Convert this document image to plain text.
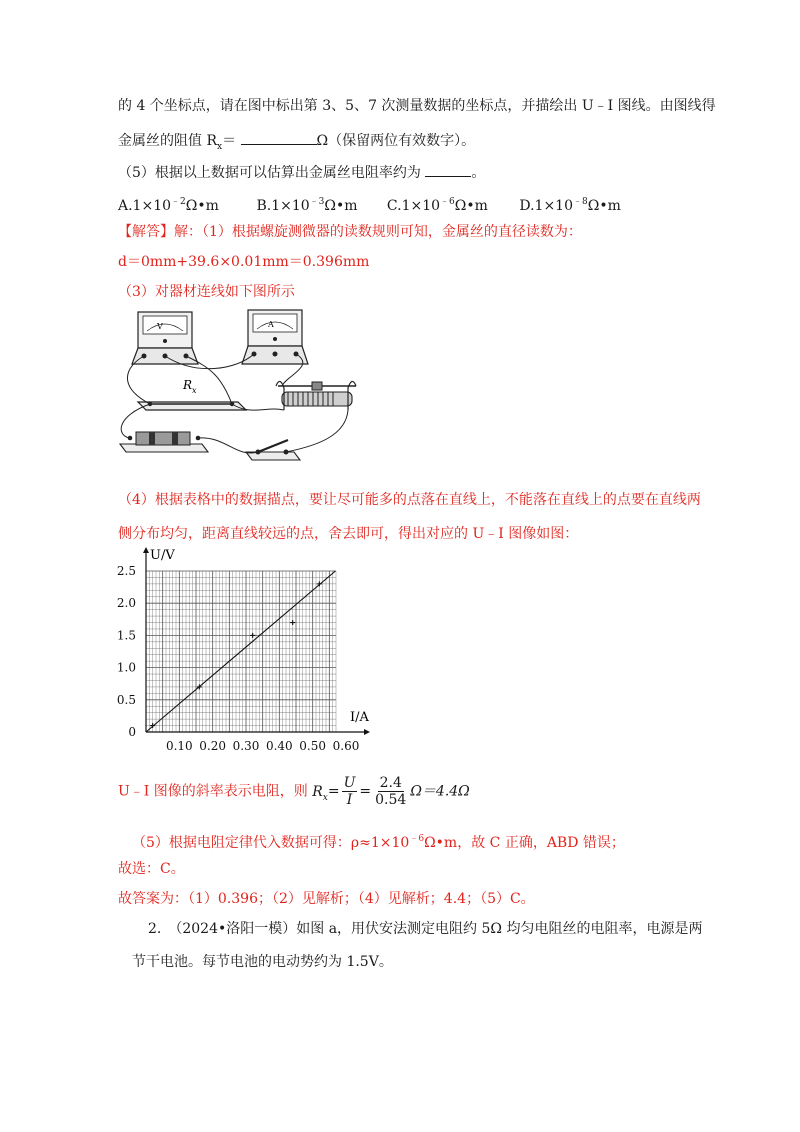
的 4 个坐标点，请在图中标出第 3、5、7 次测量数据的坐标点，并描绘出 U﹣I 图线。由图线得
金属丝的阻值 $R_x=$	Ω（保留两位有效数字）。
（5）根据以上数据可以估算出金属丝电阻率约为	。
$A.1\times 10^{﹣2}\Omega•m$	$B.1\times 10^{﹣3}\Omega•m$ $C.1\times 10^{﹣6}\Omega•m$ $D.1\times 10^{﹣8}\Omega•m$
【解答】解：（1）根据螺旋测微器的读数规则可知，金属丝的直径读数为：
d＝0mm+39.6×0.01mm＝0.396mm
（3）对器材连线如下图所示
V	A
$R_x$
（4）根据表格中的数据描点，要让尽可能多的点落在直线上，不能落在直线上的点要在直线两
侧分布均匀，距离直线较远的点，舍去即可，得出对应的 U﹣I 图像如图：
0.10 0.20 0.30 0.40 0.50 0.60
0
0.5
1.0
1.5
2.0
2.5
U/V
I/A
U﹣I 图像的斜率表示电阻，则 $R_x= \frac{U}{I} = \frac{2.4}{0.54} \Omega=4.4\Omega$
（5）根据电阻定律代入数据可得：$\rho\approx 1\times 10^{﹣6}\Omega•m$，故 C 正确，ABD 错误；
故选：C。
故答案为：（1）0.396；（2）见解析；（4）见解析；4.4；（5）C。
2.　（2024•洛阳一模）如图 a，用伏安法测定电阻约 5Ω 均匀电阻丝的电阻率，电源是两
节干电池。每节电池的电动势约为 1.5V。
